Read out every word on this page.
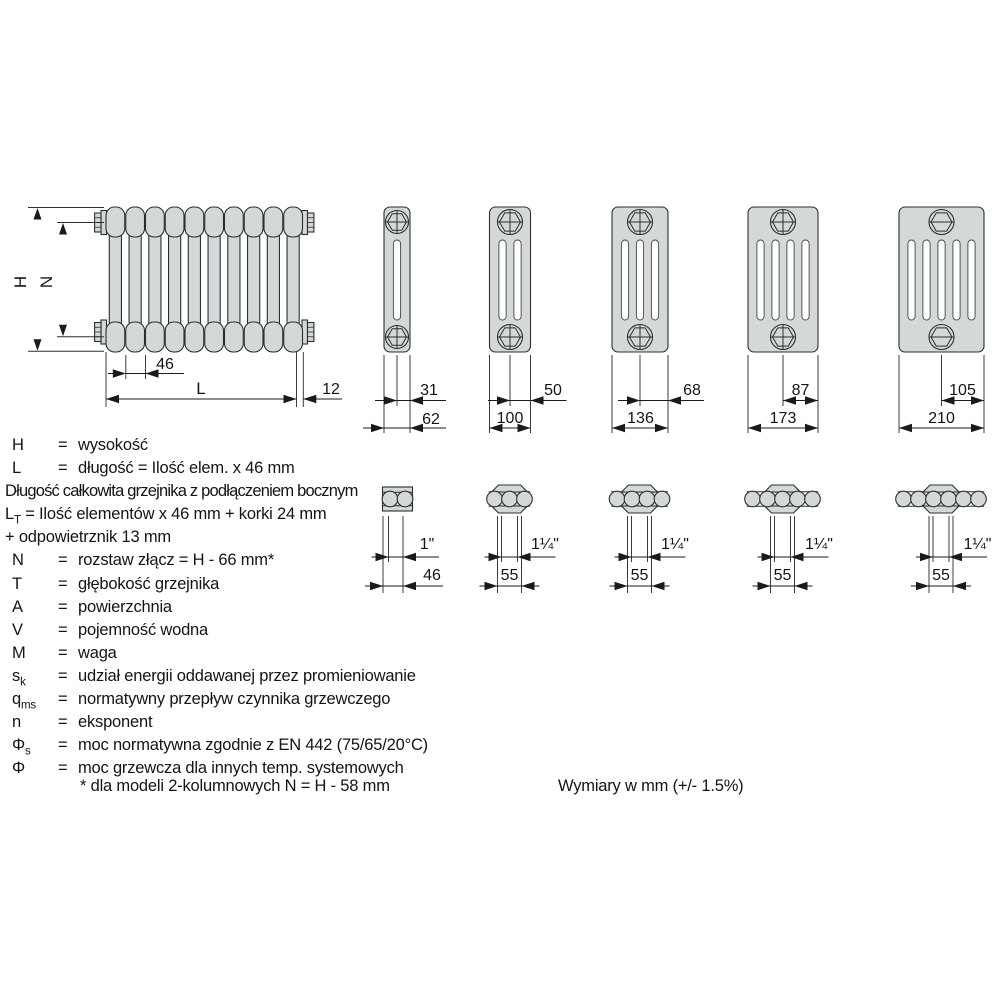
H N
46
L	12	31
62
50
100
68
136
87
173
105
210
1"
46
1¼"
55
1¼"
55
1¼"
55
1¼"
55
H = wysokość
L = długość = Ilość elem. x 46 mm
Długość całkowita grzejnika z podłączeniem bocznym
$L_T$ = Ilość elementów x 46 mm + korki 24 mm
+ odpowietrznik 13 mm
N = rozstaw złącz = H - 66 mm*
T = głębokość grzejnika
A = powierzchnia
V = pojemność wodna
M = waga
$s_k$ = udział energii oddawanej przez promieniowanie
$q_{ms}$ = normatywny przepływ czynnika grzewczego
n = eksponent
$\Phi_s$ = moc normatywna zgodnie z EN 442 (75/65/20°C)
Φ = moc grzewcza dla innych temp. systemowych
* dla modeli 2-kolumnowych N = H - 58 mm	Wymiary w mm (+/- 1.5%)
